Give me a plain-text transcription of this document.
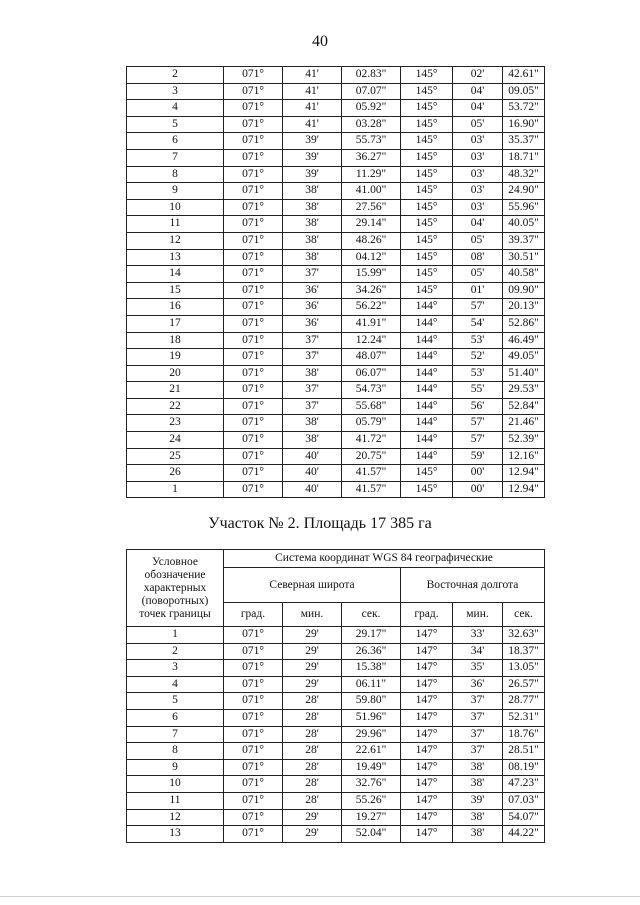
40
2	071°	41'	02.83"	145°	02'	42.61"
3	071°	41'	07.07"	145°	04'	09.05"
4	071°	41'	05.92"	145°	04'	53.72"
5	071°	41'	03.28"	145°	05'	16.90"
6	071°	39'	55.73"	145°	03'	35.37"
7	071°	39'	36.27"	145°	03'	18.71"
8	071°	39'	11.29"	145°	03'	48.32"
9	071°	38'	41.00"	145°	03'	24.90"
10	071°	38'	27.56"	145°	03'	55.96"
11	071°	38'	29.14"	145°	04'	40.05"
12	071°	38'	48.26"	145°	05'	39.37"
13	071°	38'	04.12"	145°	08'	30.51"
14	071°	37'	15.99"	145°	05'	40.58"
15	071°	36'	34.26"	145°	01'	09.90"
16	071°	36'	56.22"	144°	57'	20.13"
17	071°	36'	41.91"	144°	54'	52.86"
18	071°	37'	12.24"	144°	53'	46.49"
19	071°	37'	48.07"	144°	52'	49.05"
20	071°	38'	06.07"	144°	53'	51.40"
21	071°	37'	54.73"	144°	55'	29.53"
22	071°	37'	55.68"	144°	56'	52.84"
23	071°	38'	05.79"	144°	57'	21.46"
24	071°	38'	41.72"	144°	57'	52.39"
25	071°	40'	20.75"	144°	59'	12.16"
26	071°	40'	41.57"	145°	00'	12.94"
1	071°	40'	41.57"	145°	00'	12.94"
Участок № 2. Площадь 17 385 га
Условное обозначение характерных (поворотных) точек границы	Система координат WGS 84 географические					
	Северная широта			Восточная долгота		
	град.	мин.	сек.	град.	мин.	сек.
1	071°	29'	29.17"	147°	33'	32.63"
2	071°	29'	26.36"	147°	34'	18.37"
3	071°	29'	15.38"	147°	35'	13.05"
4	071°	29'	06.11"	147°	36'	26.57"
5	071°	28'	59.80"	147°	37'	28.77"
6	071°	28'	51.96"	147°	37'	52.31"
7	071°	28'	29.96"	147°	37'	18.76"
8	071°	28'	22.61"	147°	37'	28.51"
9	071°	28'	19.49"	147°	38'	08.19"
10	071°	28'	32.76"	147°	38'	47.23"
11	071°	28'	55.26"	147°	39'	07.03"
12	071°	29'	19.27"	147°	38'	54.07"
13	071°	29'	52.04"	147°	38'	44.22"
